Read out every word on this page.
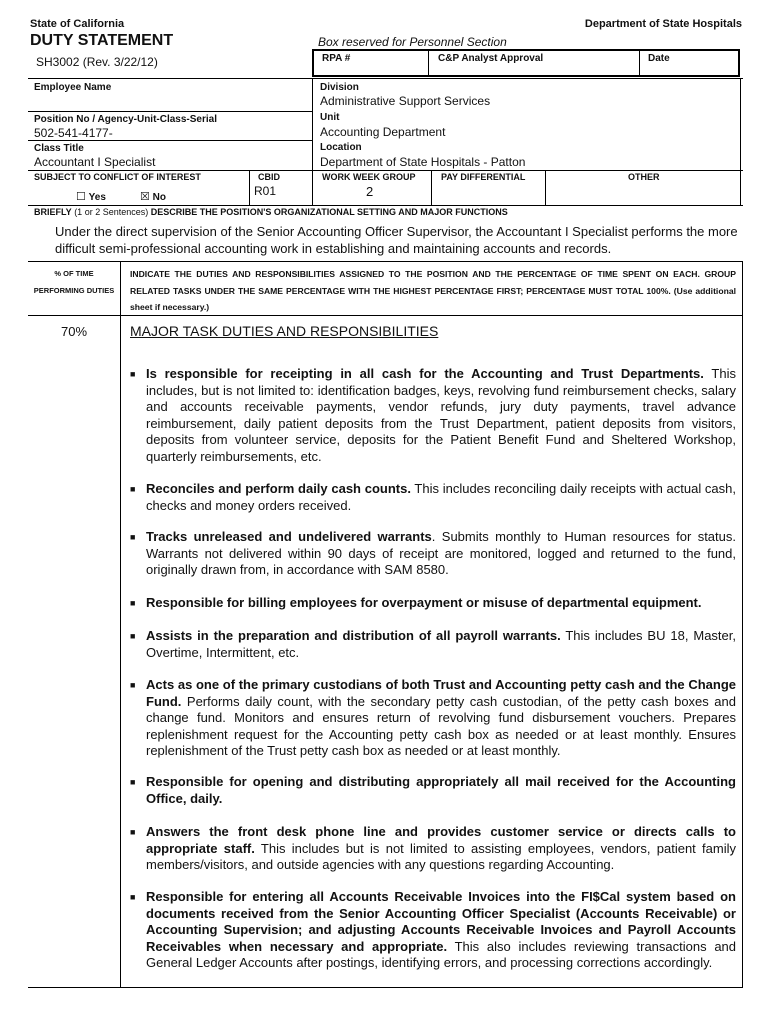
State of California	Department of State Hospitals
DUTY STATEMENT
SH3002 (Rev. 3/22/12)
Box reserved for Personnel Section
RPA #	C&P Analyst Approval	Date
Employee Name
Position No / Agency-Unit-Class-Serial
502-541-4177-
Class Title
Accountant I Specialist
Division
Administrative Support Services
Unit
Accounting Department
Location
Department of State Hospitals - Patton
SUBJECT TO CONFLICT OF INTEREST
☐ Yes	☒ No
CBID
R01
WORK WEEK GROUP
2
PAY DIFFERENTIAL	OTHER
BRIEFLY (1 or 2 Sentences) DESCRIBE THE POSITION'S ORGANIZATIONAL SETTING AND MAJOR FUNCTIONS
Under the direct supervision of the Senior Accounting Officer Supervisor, the Accountant I Specialist performs the more difficult semi-professional accounting work in establishing and maintaining accounts and records.
% OF TIME
PERFORMING DUTIES
INDICATE THE DUTIES AND RESPONSIBILITIES ASSIGNED TO THE POSITION AND THE PERCENTAGE OF TIME SPENT ON EACH. GROUP RELATED TASKS UNDER THE SAME PERCENTAGE WITH THE HIGHEST PERCENTAGE FIRST; PERCENTAGE MUST TOTAL 100%. (Use additional sheet if necessary.)
70%	MAJOR TASK DUTIES AND RESPONSIBILITIES
■ Is responsible for receipting in all cash for the Accounting and Trust Departments. This includes, but is not limited to: identification badges, keys, revolving fund reimbursement checks, salary and accounts receivable payments, vendor refunds, jury duty payments, travel advance reimbursement, daily patient deposits from the Trust Department, patient deposits from visitors, deposits from volunteer service, deposits for the Patient Benefit Fund and Sheltered Workshop, quarterly reimbursements, etc.
■ Reconciles and perform daily cash counts. This includes reconciling daily receipts with actual cash, checks and money orders received.
■ Tracks unreleased and undelivered warrants. Submits monthly to Human resources for status. Warrants not delivered within 90 days of receipt are monitored, logged and returned to the fund, originally drawn from, in accordance with SAM 8580.
■ Responsible for billing employees for overpayment or misuse of departmental equipment.
■ Assists in the preparation and distribution of all payroll warrants. This includes BU 18, Master, Overtime, Intermittent, etc.
■ Acts as one of the primary custodians of both Trust and Accounting petty cash and the Change Fund. Performs daily count, with the secondary petty cash custodian, of the petty cash boxes and change fund. Monitors and ensures return of revolving fund disbursement vouchers. Prepares replenishment request for the Accounting petty cash box as needed or at least monthly. Ensures replenishment of the Trust petty cash box as needed or at least monthly.
■ Responsible for opening and distributing appropriately all mail received for the Accounting Office, daily.
■ Answers the front desk phone line and provides customer service or directs calls to appropriate staff. This includes but is not limited to assisting employees, vendors, patient family members/visitors, and outside agencies with any questions regarding Accounting.
■ Responsible for entering all Accounts Receivable Invoices into the FI$Cal system based on documents received from the Senior Accounting Officer Specialist (Accounts Receivable) or Accounting Supervision; and adjusting Accounts Receivable Invoices and Payroll Accounts Receivables when necessary and appropriate. This also includes reviewing transactions and General Ledger Accounts after postings, identifying errors, and processing corrections accordingly.
